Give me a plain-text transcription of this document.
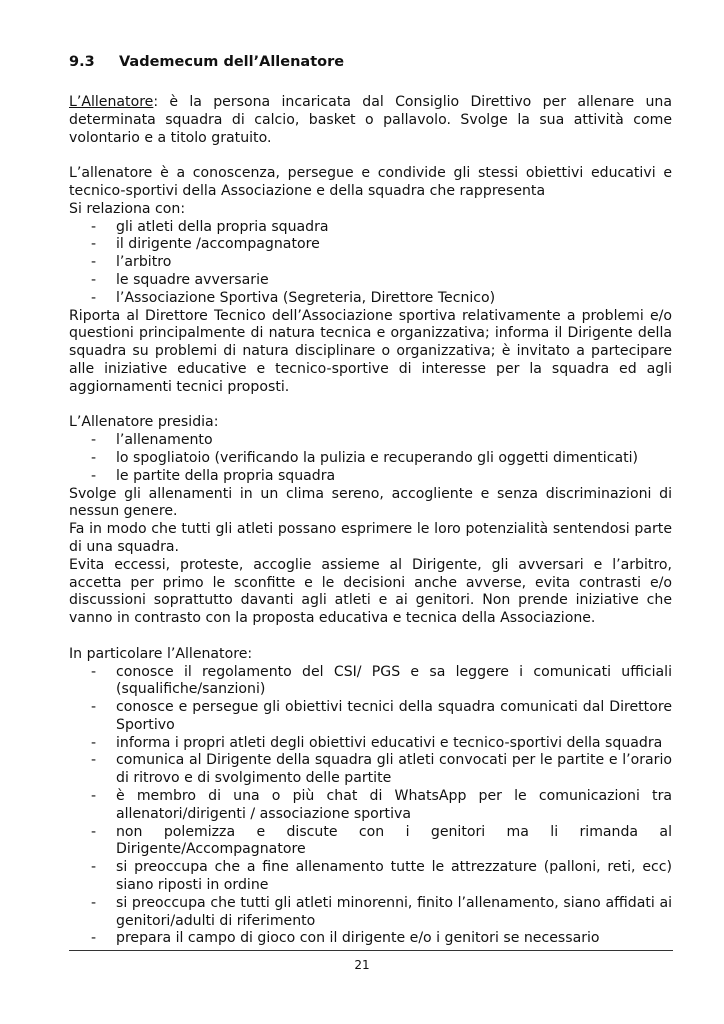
9.3	Vademecum dell’Allenatore

L’Allenatore: è la persona incaricata dal Consiglio Direttivo per allenare una determinata squadra di calcio, basket o pallavolo. Svolge la sua attività come volontario e a titolo gratuito.

L’allenatore è a conoscenza, persegue e condivide gli stessi obiettivi educativi e tecnico-sportivi della Associazione e della squadra che rappresenta

Si relaziona con:

- gli atleti della propria squadra
- il dirigente /accompagnatore
- l’arbitro
- le squadre avversarie
- l’Associazione Sportiva (Segreteria, Direttore Tecnico)

Riporta al Direttore Tecnico dell’Associazione sportiva relativamente a problemi e/o questioni principalmente di natura tecnica e organizzativa; informa il Dirigente della squadra su problemi di natura disciplinare o organizzativa; è invitato a partecipare alle iniziative educative e tecnico-sportive di interesse per la squadra ed agli aggiornamenti tecnici proposti.

L’Allenatore presidia:

- l’allenamento
- lo spogliatoio (verificando la pulizia e recuperando gli oggetti dimenticati)
- le partite della propria squadra

Svolge gli allenamenti in un clima sereno, accogliente e senza discriminazioni di nessun genere.

Fa in modo che tutti gli atleti possano esprimere le loro potenzialità sentendosi parte di una squadra.

Evita eccessi, proteste, accoglie assieme al Dirigente, gli avversari e l’arbitro, accetta per primo le sconfitte e le decisioni anche avverse, evita contrasti e/o discussioni soprattutto davanti agli atleti e ai genitori. Non prende iniziative che vanno in contrasto con la proposta educativa e tecnica della Associazione.

In particolare l’Allenatore:

- conosce il regolamento del CSI/ PGS e sa leggere i comunicati ufficiali (squalifiche/sanzioni)
- conosce e persegue gli obiettivi tecnici della squadra comunicati dal Direttore Sportivo
- informa i propri atleti degli obiettivi educativi e tecnico-sportivi della squadra
- comunica al Dirigente della squadra gli atleti convocati per le partite e l’orario di ritrovo e di svolgimento delle partite
- è membro di una o più chat di WhatsApp per le comunicazioni tra allenatori/dirigenti / associazione sportiva
- non polemizza e discute con i genitori ma li rimanda al Dirigente/Accompagnatore
- si preoccupa che a fine allenamento tutte le attrezzature (palloni, reti, ecc) siano riposti in ordine
- si preoccupa che tutti gli atleti minorenni, finito l’allenamento, siano affidati ai genitori/adulti di riferimento
- prepara il campo di gioco con il dirigente e/o i genitori se necessario
21
